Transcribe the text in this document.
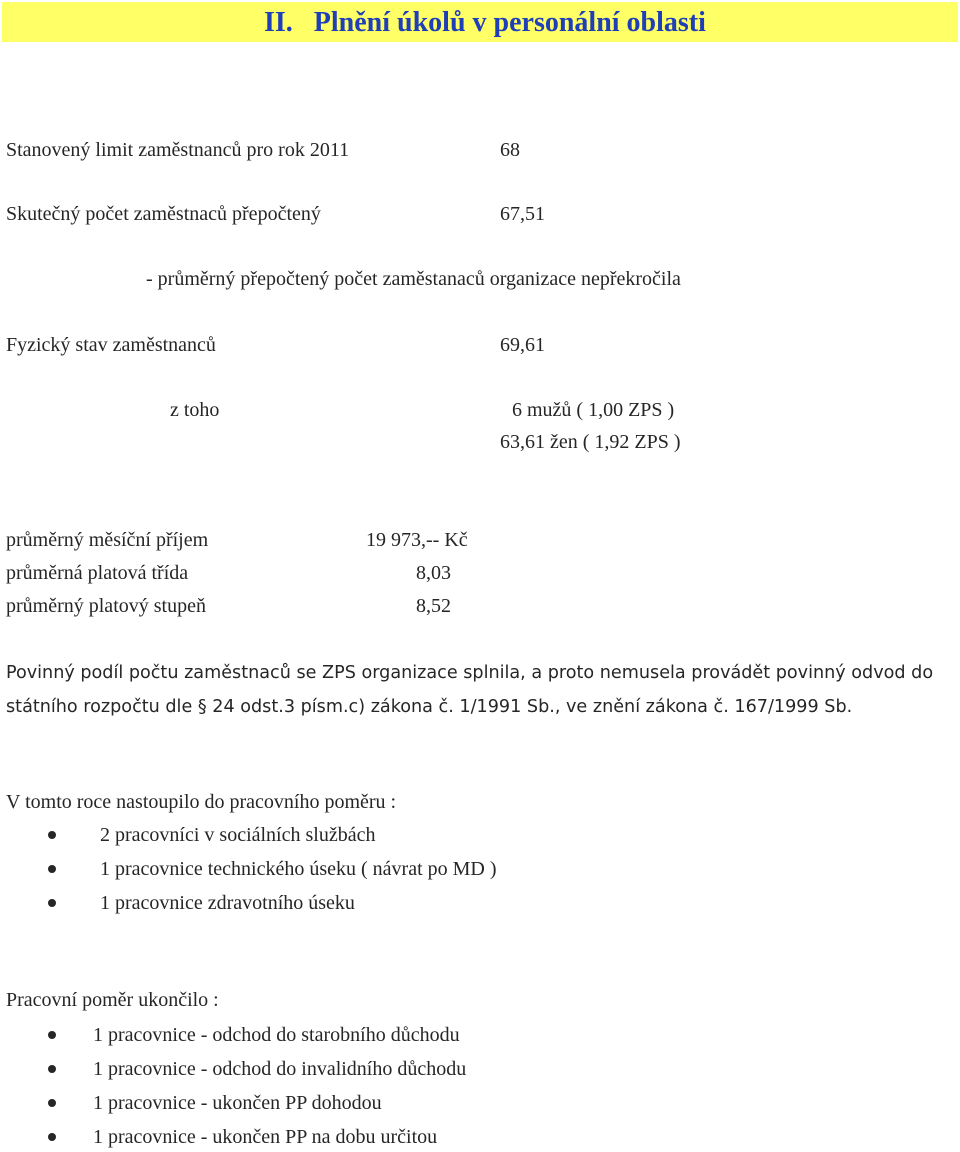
II. Plnění úkolů v personální oblasti
Stanovený limit zaměstnanců pro rok 2011	68
Skutečný počet zaměstnaců přepočtený	67,51
- průměrný přepočtený počet zaměstanaců organizace nepřekročila
Fyzický stav zaměstnanců	69,61
z toho	6 mužů ( 1,00 ZPS )
63,61 žen ( 1,92 ZPS )
průměrný měsíční příjem	19 973,-- Kč
průměrná platová třída	8,03
průměrný platový stupeň	8,52
Povinný podíl počtu zaměstnaců se ZPS organizace splnila, a proto nemusela provádět povinný odvod do státního rozpočtu dle § 24 odst.3 písm.c) zákona č. 1/1991 Sb., ve znění zákona č. 167/1999 Sb.
V tomto roce nastoupilo do pracovního poměru :
2 pracovníci v sociálních službách
1 pracovnice technického úseku ( návrat po MD )
1 pracovnice zdravotního úseku
Pracovní poměr ukončilo :
1 pracovnice - odchod do starobního důchodu
1 pracovnice - odchod do invalidního důchodu
1 pracovnice - ukončen PP dohodou
1 pracovnice - ukončen PP na dobu určitou
